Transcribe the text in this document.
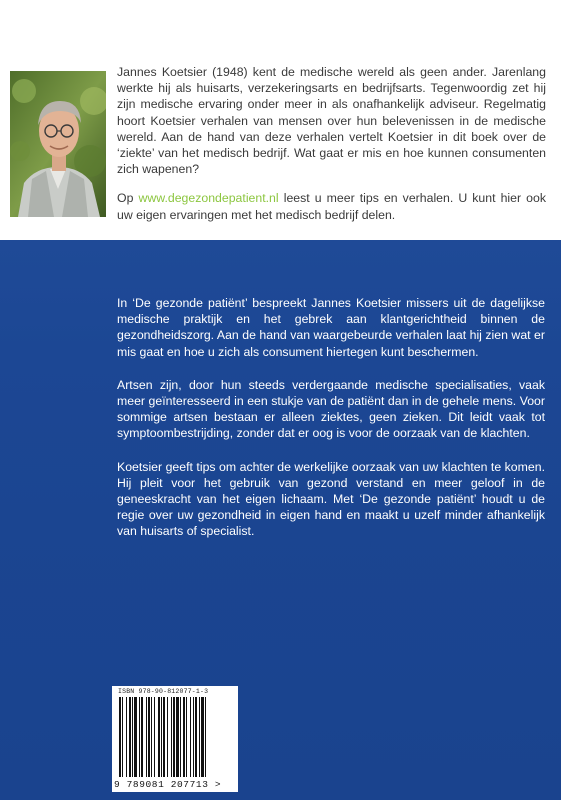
Jannes Koetsier (1948) kent de medische wereld als geen ander. Jarenlang werkte hij als huisarts, verzekeringsarts en bedrijfsarts. Tegenwoordig zet hij zijn medische ervaring onder meer in als onafhankelijk adviseur. Regelmatig hoort Koetsier verhalen van mensen over hun belevenissen in de medische wereld. Aan de hand van deze verhalen vertelt Koetsier in dit boek over de ‘ziekte’ van het medisch bedrijf. Wat gaat er mis en hoe kunnen consumenten zich wapenen?

Op www.degezondepatient.nl leest u meer tips en verhalen. U kunt hier ook uw eigen ervaringen met het medisch bedrijf delen.

In ‘De gezonde patiënt’ bespreekt Jannes Koetsier missers uit de dagelijkse medische praktijk en het gebrek aan klantgerichtheid binnen de gezondheidszorg. Aan de hand van waargebeurde verhalen laat hij zien wat er mis gaat en hoe u zich als consument hiertegen kunt beschermen.

Artsen zijn, door hun steeds verdergaande medische specialisaties, vaak meer geïnteresseerd in een stukje van de patiënt dan in de gehele mens. Voor sommige artsen bestaan er alleen ziektes, geen zieken. Dit leidt vaak tot symptoombestrijding, zonder dat er oog is voor de oorzaak van de klachten.

Koetsier geeft tips om achter de werkelijke oorzaak van uw klachten te komen. Hij pleit voor het gebruik van gezond verstand en meer geloof in de geneeskracht van het eigen lichaam. Met ‘De gezonde patiënt’ houdt u de regie over uw gezondheid in eigen hand en maakt u uzelf minder afhankelijk van huisarts of specialist.

ISBN 978-90-812077-1-3
9 789081 207713 >
